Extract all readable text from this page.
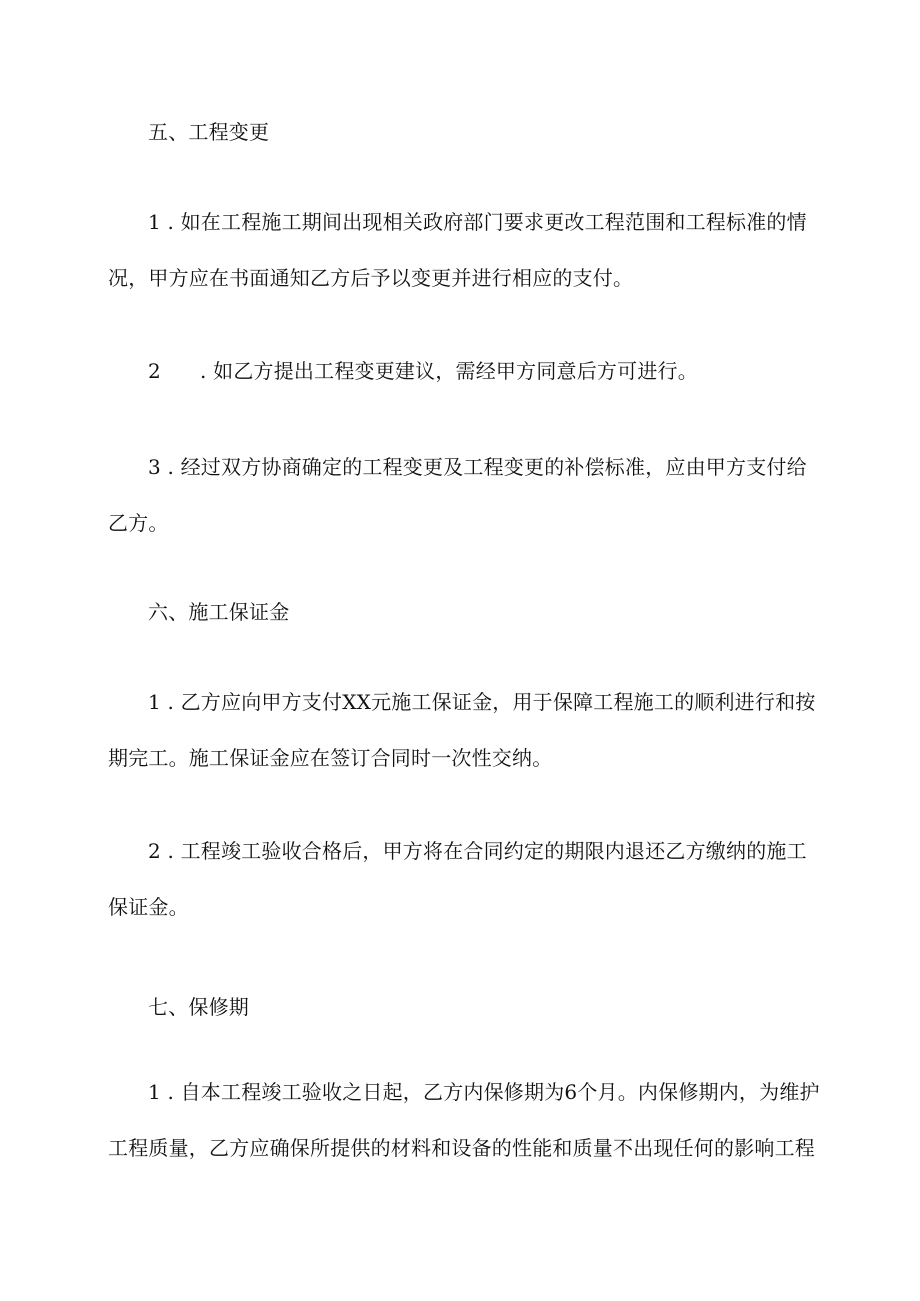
五、工程变更
1 . 如在工程施工期间出现相关政府部门要求更改工程范围和工程标准的情
况，甲方应在书面通知乙方后予以变更并进行相应的支付。
2 . 如乙方提出工程变更建议，需经甲方同意后方可进行。
3 . 经过双方协商确定的工程变更及工程变更的补偿标准，应由甲方支付给
乙方。
六、施工保证金
1 . 乙方应向甲方支付XX元施工保证金，用于保障工程施工的顺利进行和按
期完工。施工保证金应在签订合同时一次性交纳。
2 . 工程竣工验收合格后，甲方将在合同约定的期限内退还乙方缴纳的施工
保证金。
七、保修期
1 . 自本工程竣工验收之日起，乙方内保修期为6个月。内保修期内，为维护
工程质量，乙方应确保所提供的材料和设备的性能和质量不出现任何的影响工程
